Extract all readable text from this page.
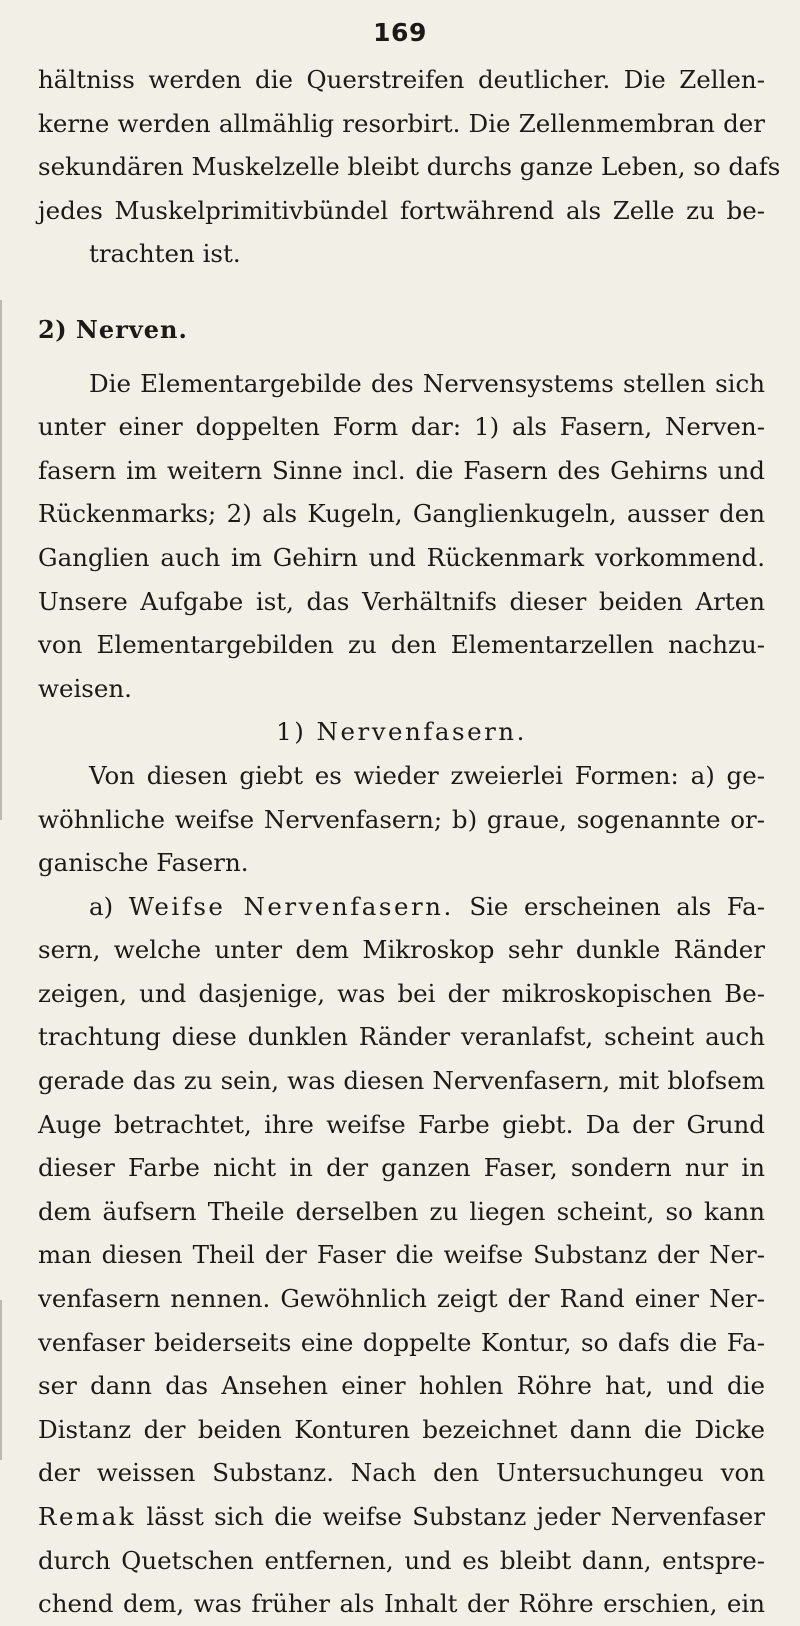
169
hältniss werden die Querstreifen deutlicher. Die Zellen-
kerne werden allmählig resorbirt. Die Zellenmembran der
sekundären Muskelzelle bleibt durchs ganze Leben, so dafs
jedes Muskelprimitivbündel fortwährend als Zelle zu be-
trachten ist.
2) Nerven.
Die Elementargebilde des Nervensystems stellen sich
unter einer doppelten Form dar: 1) als Fasern, Nerven-
fasern im weitern Sinne incl. die Fasern des Gehirns und
Rückenmarks; 2) als Kugeln, Ganglienkugeln, ausser den
Ganglien auch im Gehirn und Rückenmark vorkommend.
Unsere Aufgabe ist, das Verhältnifs dieser beiden Arten
von Elementargebilden zu den Elementarzellen nachzu-
weisen.
1) Nervenfasern.
Von diesen giebt es wieder zweierlei Formen: a) ge-
wöhnliche weifse Nervenfasern; b) graue, sogenannte or-
ganische Fasern.
a) Weifse Nervenfasern. Sie erscheinen als Fa-
sern, welche unter dem Mikroskop sehr dunkle Ränder
zeigen, und dasjenige, was bei der mikroskopischen Be-
trachtung diese dunklen Ränder veranlafst, scheint auch
gerade das zu sein, was diesen Nervenfasern, mit blofsem
Auge betrachtet, ihre weifse Farbe giebt. Da der Grund
dieser Farbe nicht in der ganzen Faser, sondern nur in
dem äufsern Theile derselben zu liegen scheint, so kann
man diesen Theil der Faser die weifse Substanz der Ner-
venfasern nennen. Gewöhnlich zeigt der Rand einer Ner-
venfaser beiderseits eine doppelte Kontur, so dafs die Fa-
ser dann das Ansehen einer hohlen Röhre hat, und die
Distanz der beiden Konturen bezeichnet dann die Dicke
der weissen Substanz. Nach den Untersuchungeu von
Remak lässt sich die weifse Substanz jeder Nervenfaser
durch Quetschen entfernen, und es bleibt dann, entspre-
chend dem, was früher als Inhalt der Röhre erschien, ein
